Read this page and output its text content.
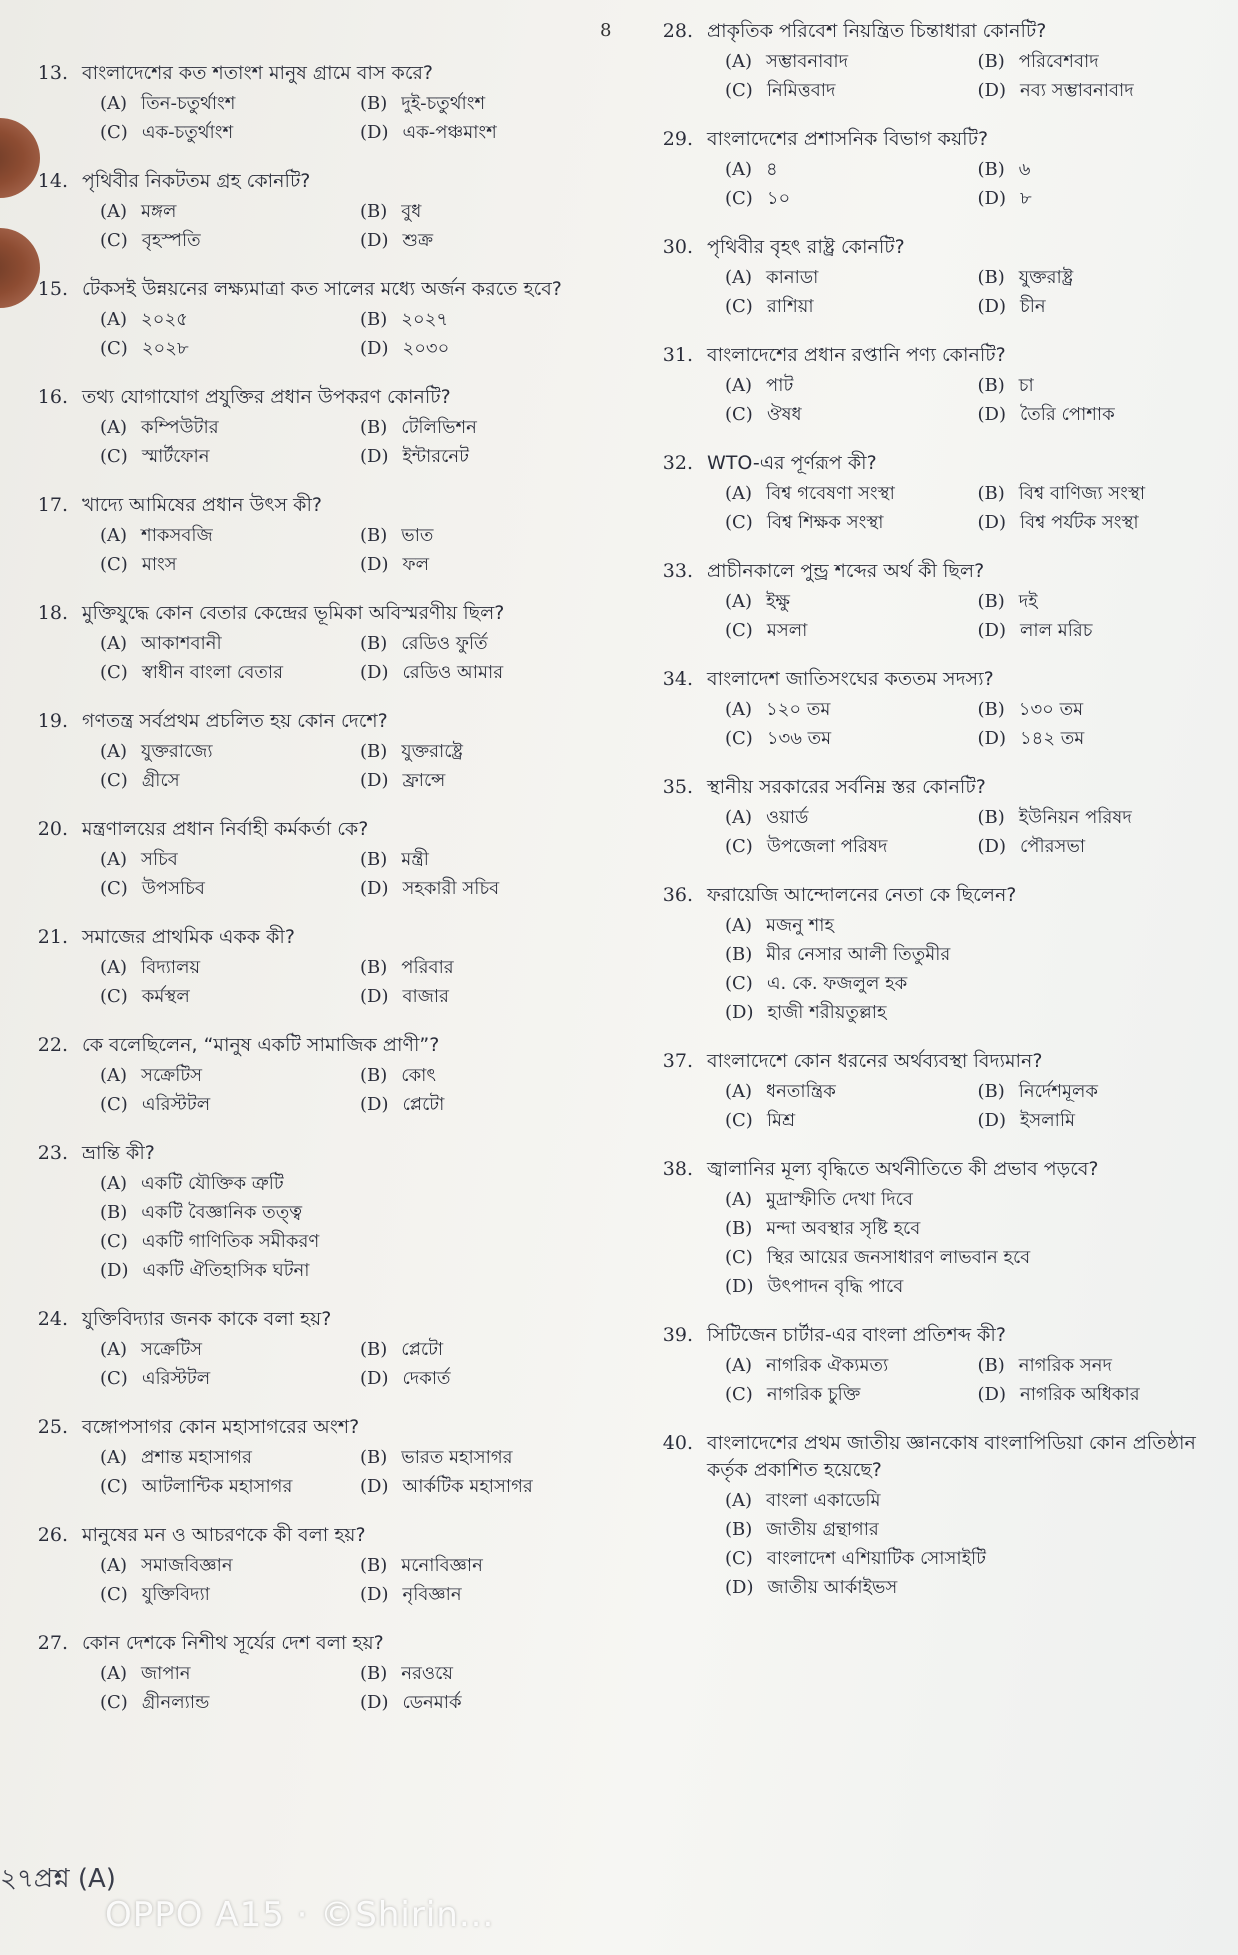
8
13. বাংলাদেশের কত শতাংশ মানুষ গ্রামে বাস করে?
(A) তিন-চতুর্থাংশ	(B) দুই-চতুর্থাংশ
(C) এক-চতুর্থাংশ	(D) এক-পঞ্চমাংশ
14. পৃথিবীর নিকটতম গ্রহ কোনটি?
(A) মঙ্গল	(B) বুধ
(C) বৃহস্পতি	(D) শুক্র
15. টেকসই উন্নয়নের লক্ষ্যমাত্রা কত সালের মধ্যে অর্জন করতে হবে?
(A) ২০২৫	(B) ২০২৭
(C) ২০২৮	(D) ২০৩০
16. তথ্য যোগাযোগ প্রযুক্তির প্রধান উপকরণ কোনটি?
(A) কম্পিউটার	(B) টেলিভিশন
(C) স্মার্টফোন	(D) ইন্টারনেট
17. খাদ্যে আমিষের প্রধান উৎস কী?
(A) শাকসবজি	(B) ভাত
(C) মাংস	(D) ফল
18. মুক্তিযুদ্ধে কোন বেতার কেন্দ্রের ভূমিকা অবিস্মরণীয় ছিল?
(A) আকাশবানী	(B) রেডিও ফুর্তি
(C) স্বাধীন বাংলা বেতার	(D) রেডিও আমার
19. গণতন্ত্র সর্বপ্রথম প্রচলিত হয় কোন দেশে?
(A) যুক্তরাজ্যে	(B) যুক্তরাষ্ট্রে
(C) গ্রীসে	(D) ফ্রান্সে
20. মন্ত্রণালয়ের প্রধান নির্বাহী কর্মকর্তা কে?
(A) সচিব	(B) মন্ত্রী
(C) উপসচিব	(D) সহকারী সচিব
21. সমাজের প্রাথমিক একক কী?
(A) বিদ্যালয়	(B) পরিবার
(C) কর্মস্থল	(D) বাজার
22. কে বলেছিলেন, “মানুষ একটি সামাজিক প্রাণী”?
(A) সক্রেটিস	(B) কোৎ
(C) এরিস্টটল	(D) প্লেটো
23. ভ্রান্তি কী?
(A) একটি যৌক্তিক ত্রুটি
(B) একটি বৈজ্ঞানিক তত্ত্ব
(C) একটি গাণিতিক সমীকরণ
(D) একটি ঐতিহাসিক ঘটনা
24. যুক্তিবিদ্যার জনক কাকে বলা হয়?
(A) সক্রেটিস	(B) প্লেটো
(C) এরিস্টটল	(D) দেকার্ত
25. বঙ্গোপসাগর কোন মহাসাগরের অংশ?
(A) প্রশান্ত মহাসাগর	(B) ভারত মহাসাগর
(C) আটলান্টিক মহাসাগর	(D) আর্কটিক মহাসাগর
26. মানুষের মন ও আচরণকে কী বলা হয়?
(A) সমাজবিজ্ঞান	(B) মনোবিজ্ঞান
(C) যুক্তিবিদ্যা	(D) নৃবিজ্ঞান
27. কোন দেশকে নিশীথ সূর্যের দেশ বলা হয়?
(A) জাপান	(B) নরওয়ে
(C) গ্রীনল্যান্ড	(D) ডেনমার্ক
28. প্রাকৃতিক পরিবেশ নিয়ন্ত্রিত চিন্তাধারা কোনটি?
(A) সম্ভাবনাবাদ	(B) পরিবেশবাদ
(C) নিমিত্তবাদ	(D) নব্য সম্ভাবনাবাদ
29. বাংলাদেশের প্রশাসনিক বিভাগ কয়টি?
(A) ৪	(B) ৬
(C) ১০	(D) ৮
30. পৃথিবীর বৃহৎ রাষ্ট্র কোনটি?
(A) কানাডা	(B) যুক্তরাষ্ট্র
(C) রাশিয়া	(D) চীন
31. বাংলাদেশের প্রধান রপ্তানি পণ্য কোনটি?
(A) পাট	(B) চা
(C) ঔষধ	(D) তৈরি পোশাক
32. WTO-এর পূর্ণরূপ কী?
(A) বিশ্ব গবেষণা সংস্থা	(B) বিশ্ব বাণিজ্য সংস্থা
(C) বিশ্ব শিক্ষক সংস্থা	(D) বিশ্ব পর্যটক সংস্থা
33. প্রাচীনকালে পুন্ড্র শব্দের অর্থ কী ছিল?
(A) ইক্ষু	(B) দই
(C) মসলা	(D) লাল মরিচ
34. বাংলাদেশ জাতিসংঘের কততম সদস্য?
(A) ১২০ তম	(B) ১৩০ তম
(C) ১৩৬ তম	(D) ১৪২ তম
35. স্থানীয় সরকারের সর্বনিম্ন স্তর কোনটি?
(A) ওয়ার্ড	(B) ইউনিয়ন পরিষদ
(C) উপজেলা পরিষদ	(D) পৌরসভা
36. ফরায়েজি আন্দোলনের নেতা কে ছিলেন?
(A) মজনু শাহ
(B) মীর নেসার আলী তিতুমীর
(C) এ. কে. ফজলুল হক
(D) হাজী শরীয়তুল্লাহ
37. বাংলাদেশে কোন ধরনের অর্থব্যবস্থা বিদ্যমান?
(A) ধনতান্ত্রিক	(B) নির্দেশমূলক
(C) মিশ্র	(D) ইসলামি
38. জ্বালানির মূল্য বৃদ্ধিতে অর্থনীতিতে কী প্রভাব পড়বে?
(A) মুদ্রাস্ফীতি দেখা দিবে
(B) মন্দা অবস্থার সৃষ্টি হবে
(C) স্থির আয়ের জনসাধারণ লাভবান হবে
(D) উৎপাদন বৃদ্ধি পাবে
39. সিটিজেন চার্টার-এর বাংলা প্রতিশব্দ কী?
(A) নাগরিক ঐক্যমত্য	(B) নাগরিক সনদ
(C) নাগরিক চুক্তি	(D) নাগরিক অধিকার
40. বাংলাদেশের প্রথম জাতীয় জ্ঞানকোষ বাংলাপিডিয়া কোন প্রতিষ্ঠান কর্তৃক প্রকাশিত হয়েছে?
(A) বাংলা একাডেমি
(B) জাতীয় গ্রন্থাগার
(C) বাংলাদেশ এশিয়াটিক সোসাইটি
(D) জাতীয় আর্কাইভস
২৭প্রশ্ন (A)
OPPO A15 · ©Shirin...
